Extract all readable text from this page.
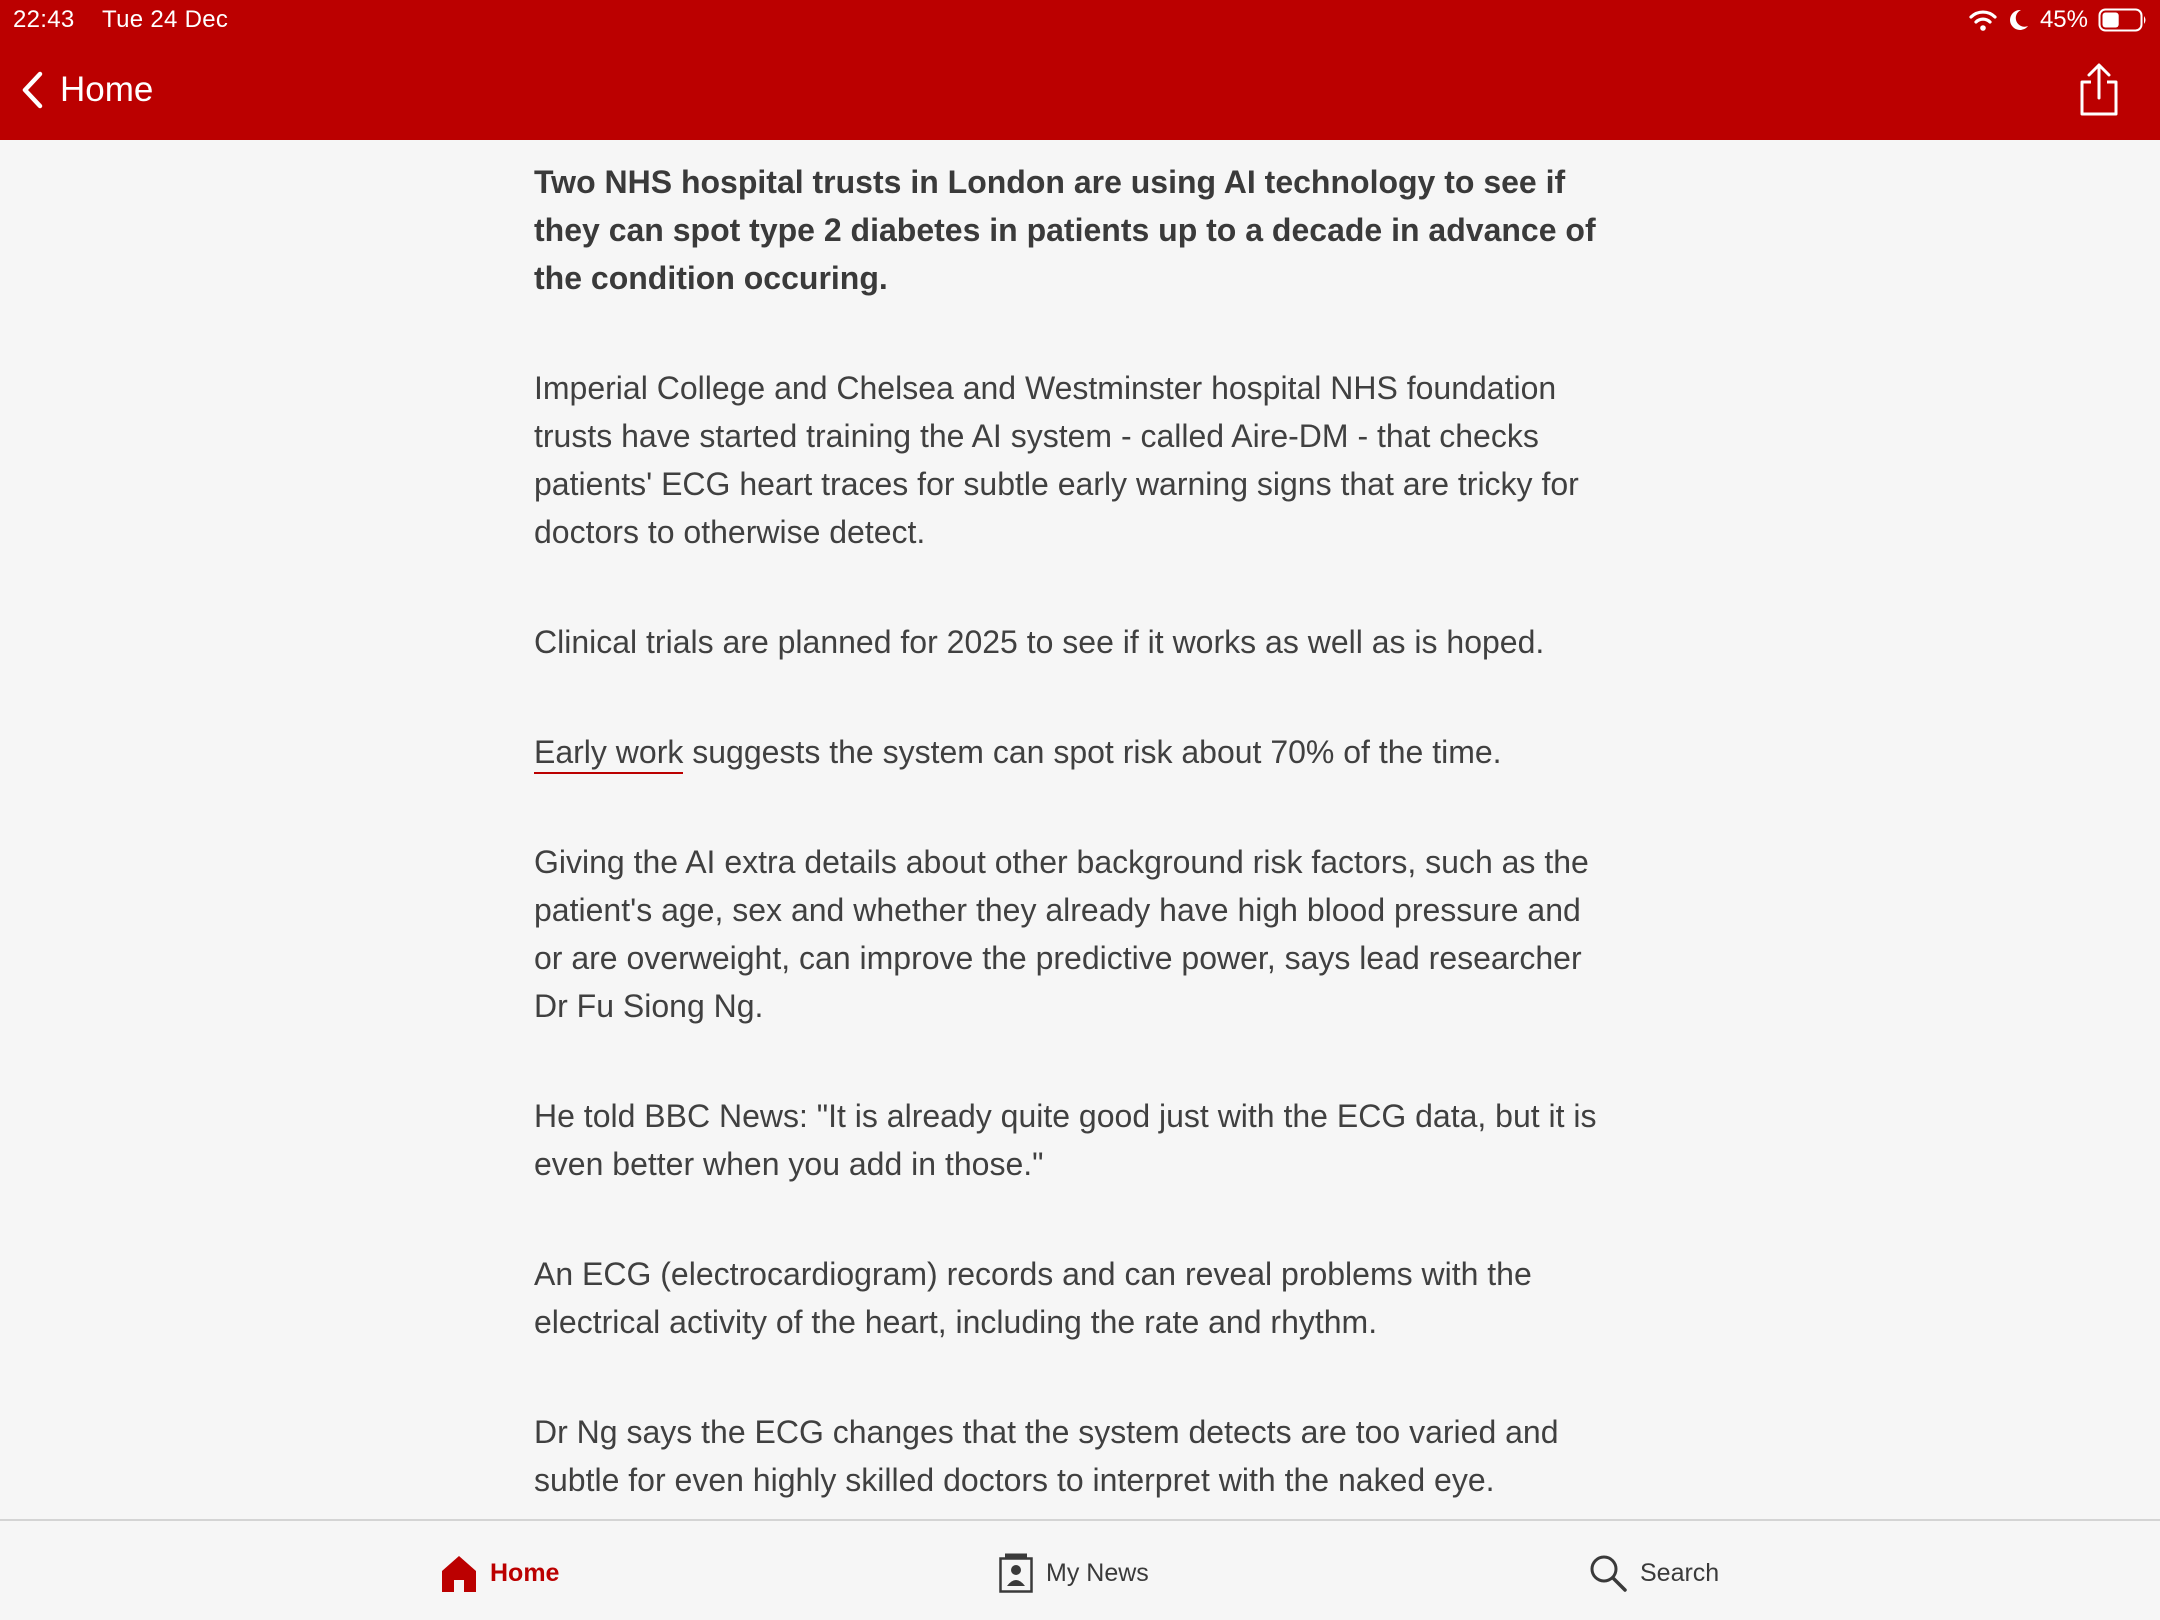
22:43 Tue 24 Dec	45%
Home

Two NHS hospital trusts in London are using AI technology to see if they can spot type 2 diabetes in patients up to a decade in advance of the condition occuring.

Imperial College and Chelsea and Westminster hospital NHS foundation trusts have started training the AI system - called Aire-DM - that checks patients' ECG heart traces for subtle early warning signs that are tricky for doctors to otherwise detect.

Clinical trials are planned for 2025 to see if it works as well as is hoped.

Early work suggests the system can spot risk about 70% of the time.

Giving the AI extra details about other background risk factors, such as the patient's age, sex and whether they already have high blood pressure and or are overweight, can improve the predictive power, says lead researcher Dr Fu Siong Ng.

He told BBC News: "It is already quite good just with the ECG data, but it is even better when you add in those."

An ECG (electrocardiogram) records and can reveal problems with the electrical activity of the heart, including the rate and rhythm.

Dr Ng says the ECG changes that the system detects are too varied and subtle for even highly skilled doctors to interpret with the naked eye.

Home	My News	Search
